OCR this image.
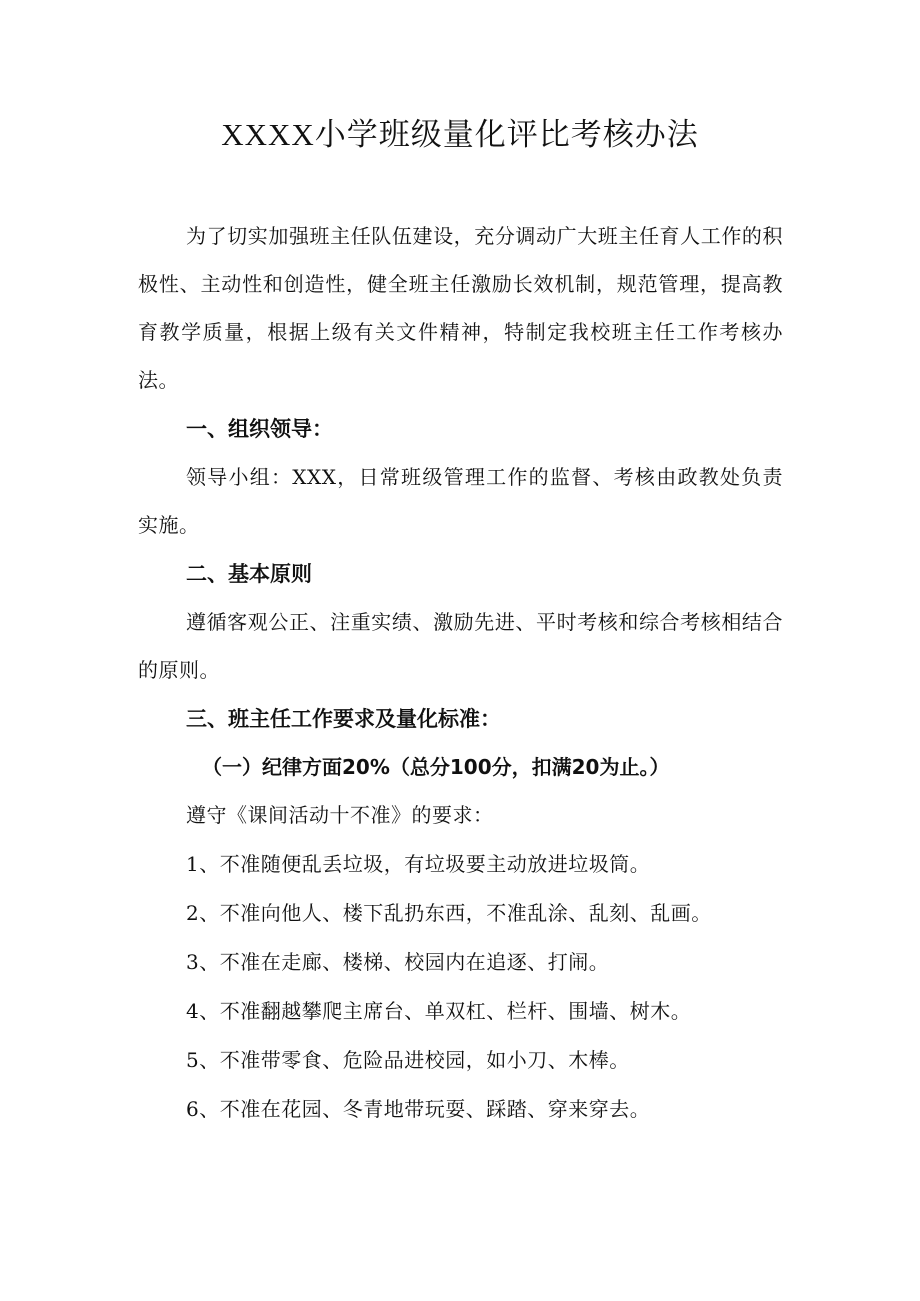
XXXX小学班级量化评比考核办法
为了切实加强班主任队伍建设，充分调动广大班主任育人工作的积极性、主动性和创造性，健全班主任激励长效机制，规范管理，提高教育教学质量，根据上级有关文件精神，特制定我校班主任工作考核办法。
一、组织领导：
领导小组：XXX，日常班级管理工作的监督、考核由政教处负责实施。
二、基本原则
遵循客观公正、注重实绩、激励先进、平时考核和综合考核相结合的原则。
三、班主任工作要求及量化标准：
（一）纪律方面20%（总分100分，扣满20为止。）
遵守《课间活动十不准》的要求：
1、不准随便乱丢垃圾，有垃圾要主动放进垃圾筒。
2、不准向他人、楼下乱扔东西，不准乱涂、乱刻、乱画。
3、不准在走廊、楼梯、校园内在追逐、打闹。
4、不准翻越攀爬主席台、单双杠、栏杆、围墙、树木。
5、不准带零食、危险品进校园，如小刀、木棒。
6、不准在花园、冬青地带玩耍、踩踏、穿来穿去。
